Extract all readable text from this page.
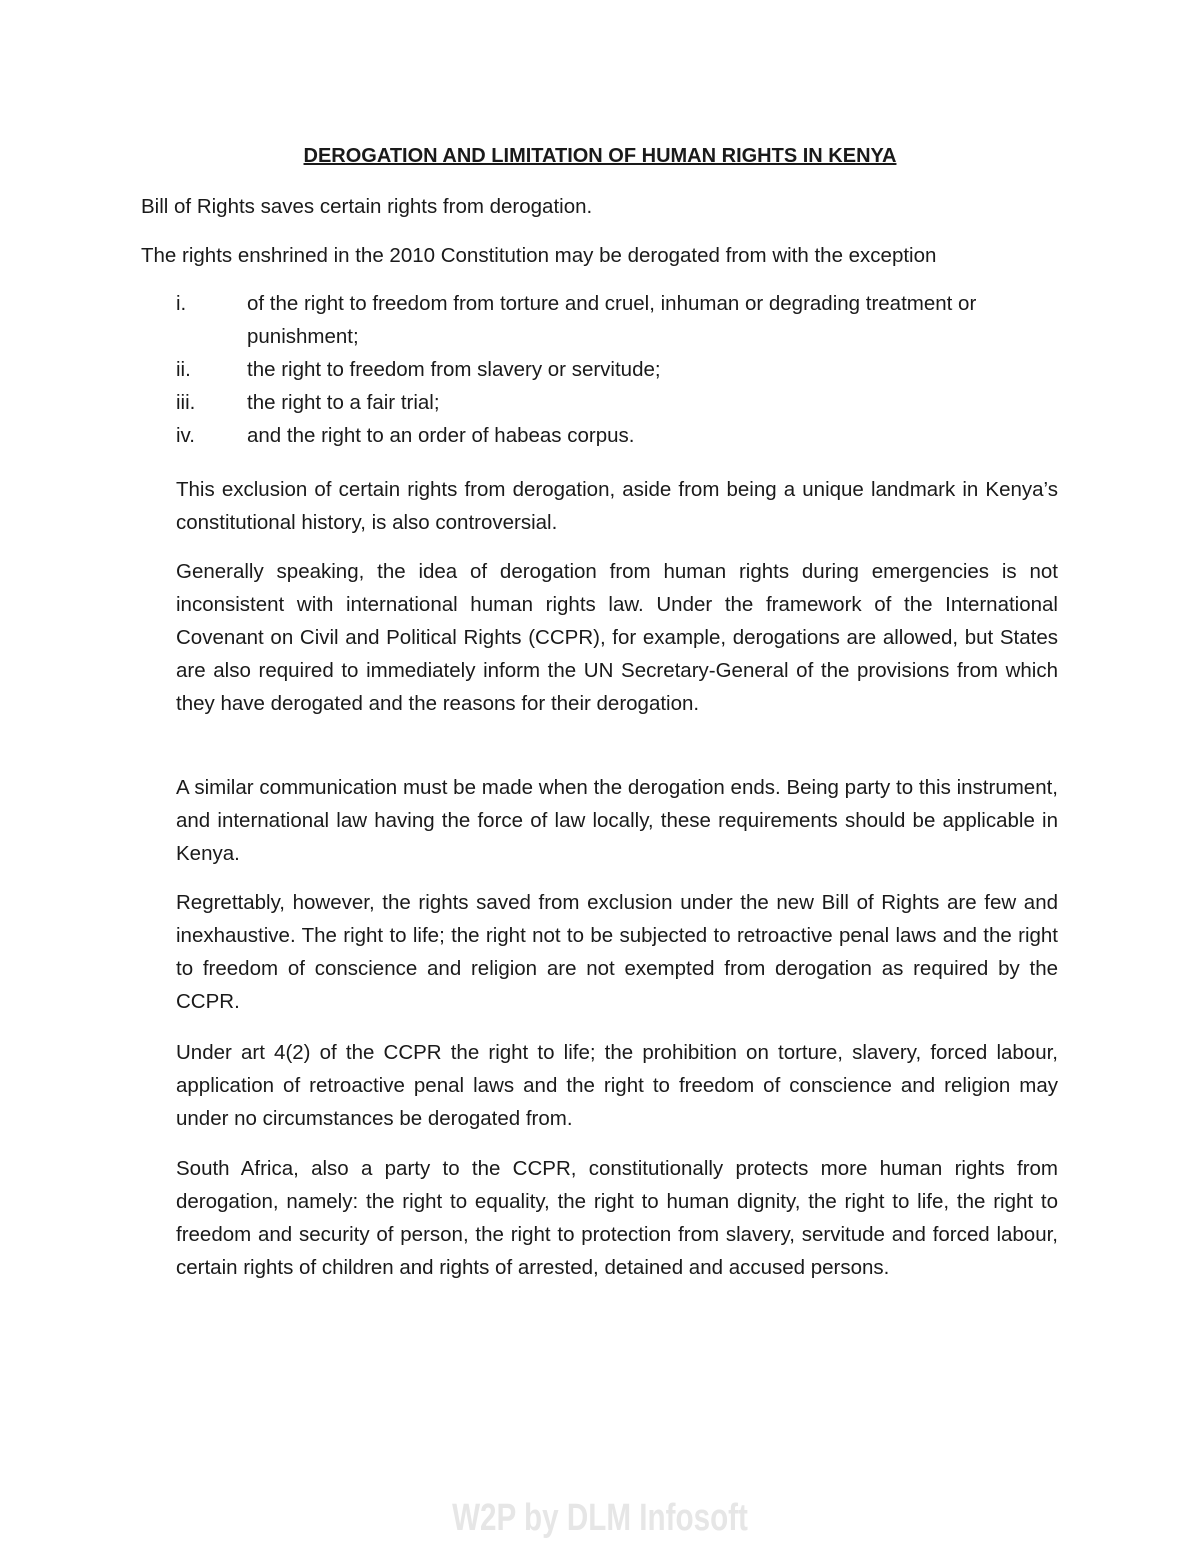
DEROGATION AND LIMITATION OF HUMAN RIGHTS IN KENYA

Bill of Rights saves certain rights from derogation.

The rights enshrined in the 2010 Constitution may be derogated from with the exception

i.	of the right to freedom from torture and cruel, inhuman or degrading treatment or punishment;
ii.	the right to freedom from slavery or servitude;
iii.	the right to a fair trial;
iv.	and the right to an order of habeas corpus.

This exclusion of certain rights from derogation, aside from being a unique landmark in Kenya’s constitutional history, is also controversial.

Generally speaking, the idea of derogation from human rights during emergencies is not inconsistent with international human rights law. Under the framework of the International Covenant on Civil and Political Rights (CCPR), for example, derogations are allowed, but States are also required to immediately inform the UN Secretary-General of the provisions from which they have derogated and the reasons for their derogation.

A similar communication must be made when the derogation ends. Being party to this instrument, and international law having the force of law locally, these requirements should be applicable in Kenya.

Regrettably, however, the rights saved from exclusion under the new Bill of Rights are few and inexhaustive. The right to life; the right not to be subjected to retroactive penal laws and the right to freedom of conscience and religion are not exempted from derogation as required by the CCPR.

Under art 4(2) of the CCPR the right to life; the prohibition on torture, slavery, forced labour, application of retroactive penal laws and the right to freedom of conscience and religion may under no circumstances be derogated from.

South Africa, also a party to the CCPR, constitutionally protects more human rights from derogation, namely: the right to equality, the right to human dignity, the right to life, the right to freedom and security of person, the right to protection from slavery, servitude and forced labour, certain rights of children and rights of arrested, detained and accused persons.

W2P by DLM Infosoft
